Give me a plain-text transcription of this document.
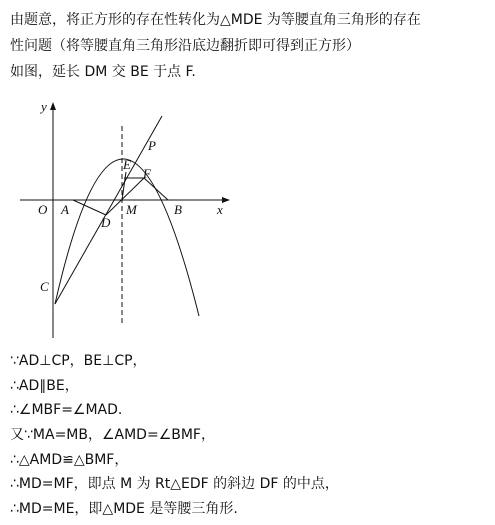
由题意，将正方形的存在性转化为△MDE 为等腰直角三角形的存在
性问题（将等腰直角三角形沿底边翻折即可得到正方形）
如图，延长 DM 交 BE 于点 F.
y
x
O A	M	B
D
E
F
P
C
∵AD⊥CP，BE⊥CP，
∴AD∥BE，
∴∠MBF=∠MAD.
又∵MA=MB，∠AMD=∠BMF，
∴△AMD≌△BMF，
∴MD=MF，即点 M 为 Rt△EDF 的斜边 DF 的中点，
∴MD=ME，即△MDE 是等腰三角形.
